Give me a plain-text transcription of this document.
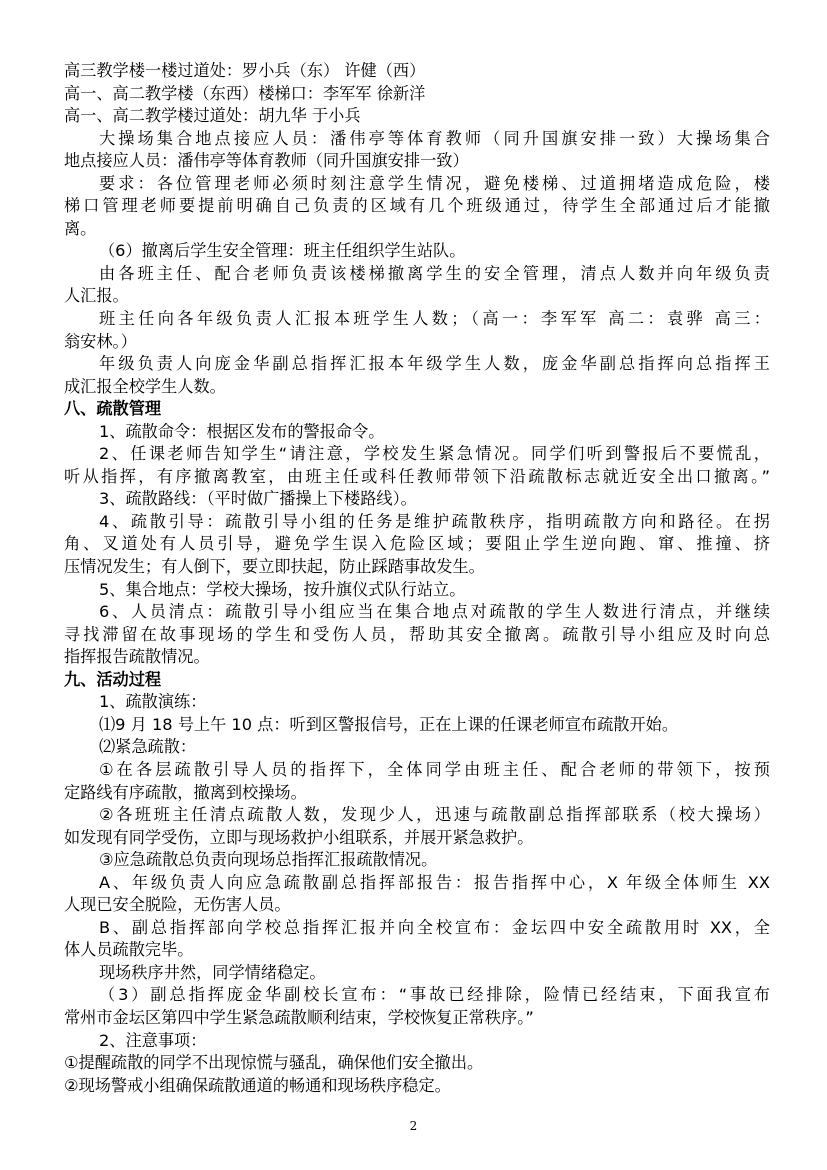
高三教学楼一楼过道处：罗小兵（东） 许健（西）
高一、高二教学楼（东西）楼梯口：李军军 徐新洋
高一、高二教学楼过道处：胡九华 于小兵
大操场集合地点接应人员：潘伟亭等体育教师（同升国旗安排一致）大操场集合
地点接应人员：潘伟亭等体育教师（同升国旗安排一致）
要求：各位管理老师必须时刻注意学生情况，避免楼梯、过道拥堵造成危险，楼
梯口管理老师要提前明确自己负责的区域有几个班级通过，待学生全部通过后才能撤
离。
（6）撤离后学生安全管理：班主任组织学生站队。
由各班主任、配合老师负责该楼梯撤离学生的安全管理，清点人数并向年级负责
人汇报。
班主任向各年级负责人汇报本班学生人数；（高一：李军军 高二：袁骅 高三：
翁安林。）
年级负责人向庞金华副总指挥汇报本年级学生人数，庞金华副总指挥向总指挥王
成汇报全校学生人数。
八、疏散管理
1、疏散命令：根据区发布的警报命令。
2、任课老师告知学生“请注意，学校发生紧急情况。同学们听到警报后不要慌乱，
听从指挥，有序撤离教室，由班主任或科任教师带领下沿疏散标志就近安全出口撤离。”
3、疏散路线：（平时做广播操上下楼路线）。
4、疏散引导：疏散引导小组的任务是维护疏散秩序，指明疏散方向和路径。在拐
角、叉道处有人员引导，避免学生误入危险区域；要阻止学生逆向跑、窜、推撞、挤
压情况发生；有人倒下，要立即扶起，防止踩踏事故发生。
5、集合地点：学校大操场，按升旗仪式队行站立。
6、人员清点：疏散引导小组应当在集合地点对疏散的学生人数进行清点，并继续
寻找滞留在故事现场的学生和受伤人员，帮助其安全撤离。疏散引导小组应及时向总
指挥报告疏散情况。
九、活动过程
1、疏散演练：
⑴9 月 18 号上午 10 点：听到区警报信号，正在上课的任课老师宣布疏散开始。
⑵紧急疏散：
①在各层疏散引导人员的指挥下，全体同学由班主任、配合老师的带领下，按预
定路线有序疏散，撤离到校操场。
②各班班主任清点疏散人数，发现少人，迅速与疏散副总指挥部联系（校大操场）
如发现有同学受伤，立即与现场救护小组联系，并展开紧急救护。
③应急疏散总负责向现场总指挥汇报疏散情况。
A、年级负责人向应急疏散副总指挥部报告：报告指挥中心，X 年级全体师生 XX
人现已安全脱险，无伤害人员。
B、副总指挥部向学校总指挥汇报并向全校宣布：金坛四中安全疏散用时 XX，全
体人员疏散完毕。
现场秩序井然，同学情绪稳定。
（3）副总指挥庞金华副校长宣布：“事故已经排除，险情已经结束，下面我宣布
常州市金坛区第四中学生紧急疏散顺利结束，学校恢复正常秩序。”
2、注意事项：
①提醒疏散的同学不出现惊慌与骚乱，确保他们安全撤出。
②现场警戒小组确保疏散通道的畅通和现场秩序稳定。
2
